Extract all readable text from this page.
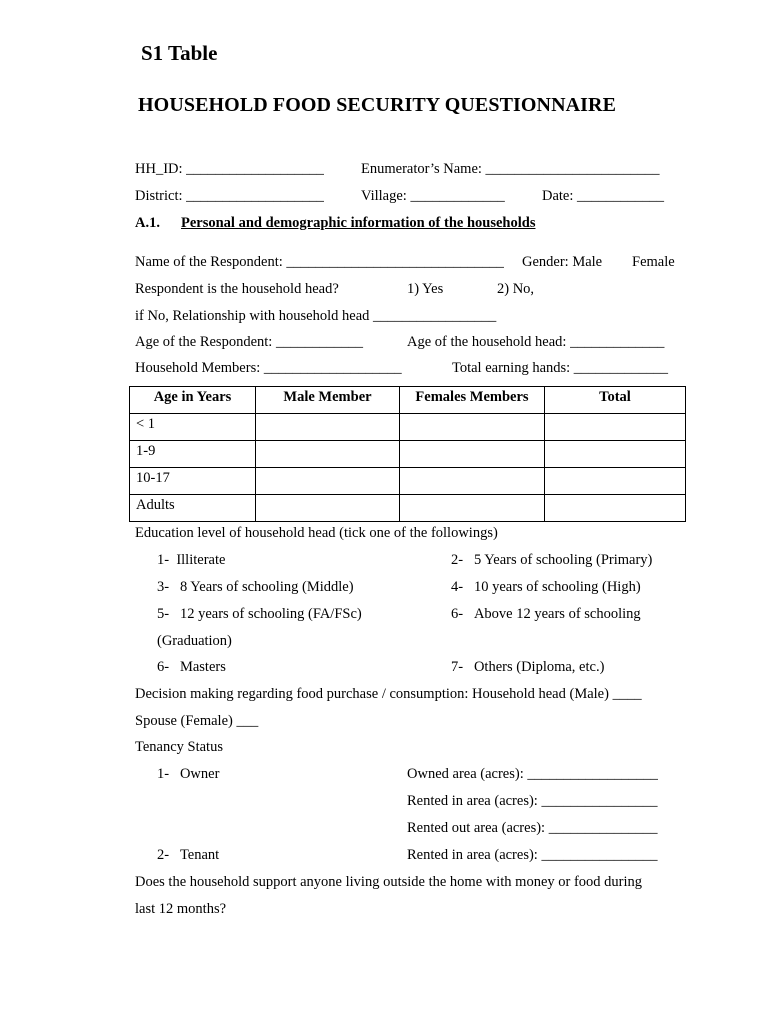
S1 Table
HOUSEHOLD FOOD SECURITY QUESTIONNAIRE
HH_ID: ___________________	Enumerator’s Name: ________________________
District: ___________________	Village: _____________	Date: ____________
A.1. Personal and demographic information of the households
Name of the Respondent: ______________________________ Gender: Male Female
Respondent is the household head?	1) Yes	2) No,
if No, Relationship with household head _________________
Age of the Respondent: ____________	Age of the household head: _____________
Household Members: ___________________	Total earning hands: _____________
Age in Years	Male Member	Females Members	Total
< 1			
1-9			
10-17			
Adults			
Education level of household head (tick one of the followings)
1-  Illiterate	2-   5 Years of schooling (Primary)
3-   8 Years of schooling (Middle)	4-   10 years of schooling (High)
5-   12 years of schooling (FA/FSc)	6-   Above 12 years of schooling
(Graduation)
6-   Masters	7-   Others (Diploma, etc.)
Decision making regarding food purchase / consumption: Household head (Male) ____
Spouse (Female) ___
Tenancy Status
1-   Owner	Owned area (acres): __________________
Rented in area (acres): ________________
Rented out area (acres): _______________
2-   Tenant	Rented in area (acres): ________________
Does the household support anyone living outside the home with money or food during
last 12 months?
